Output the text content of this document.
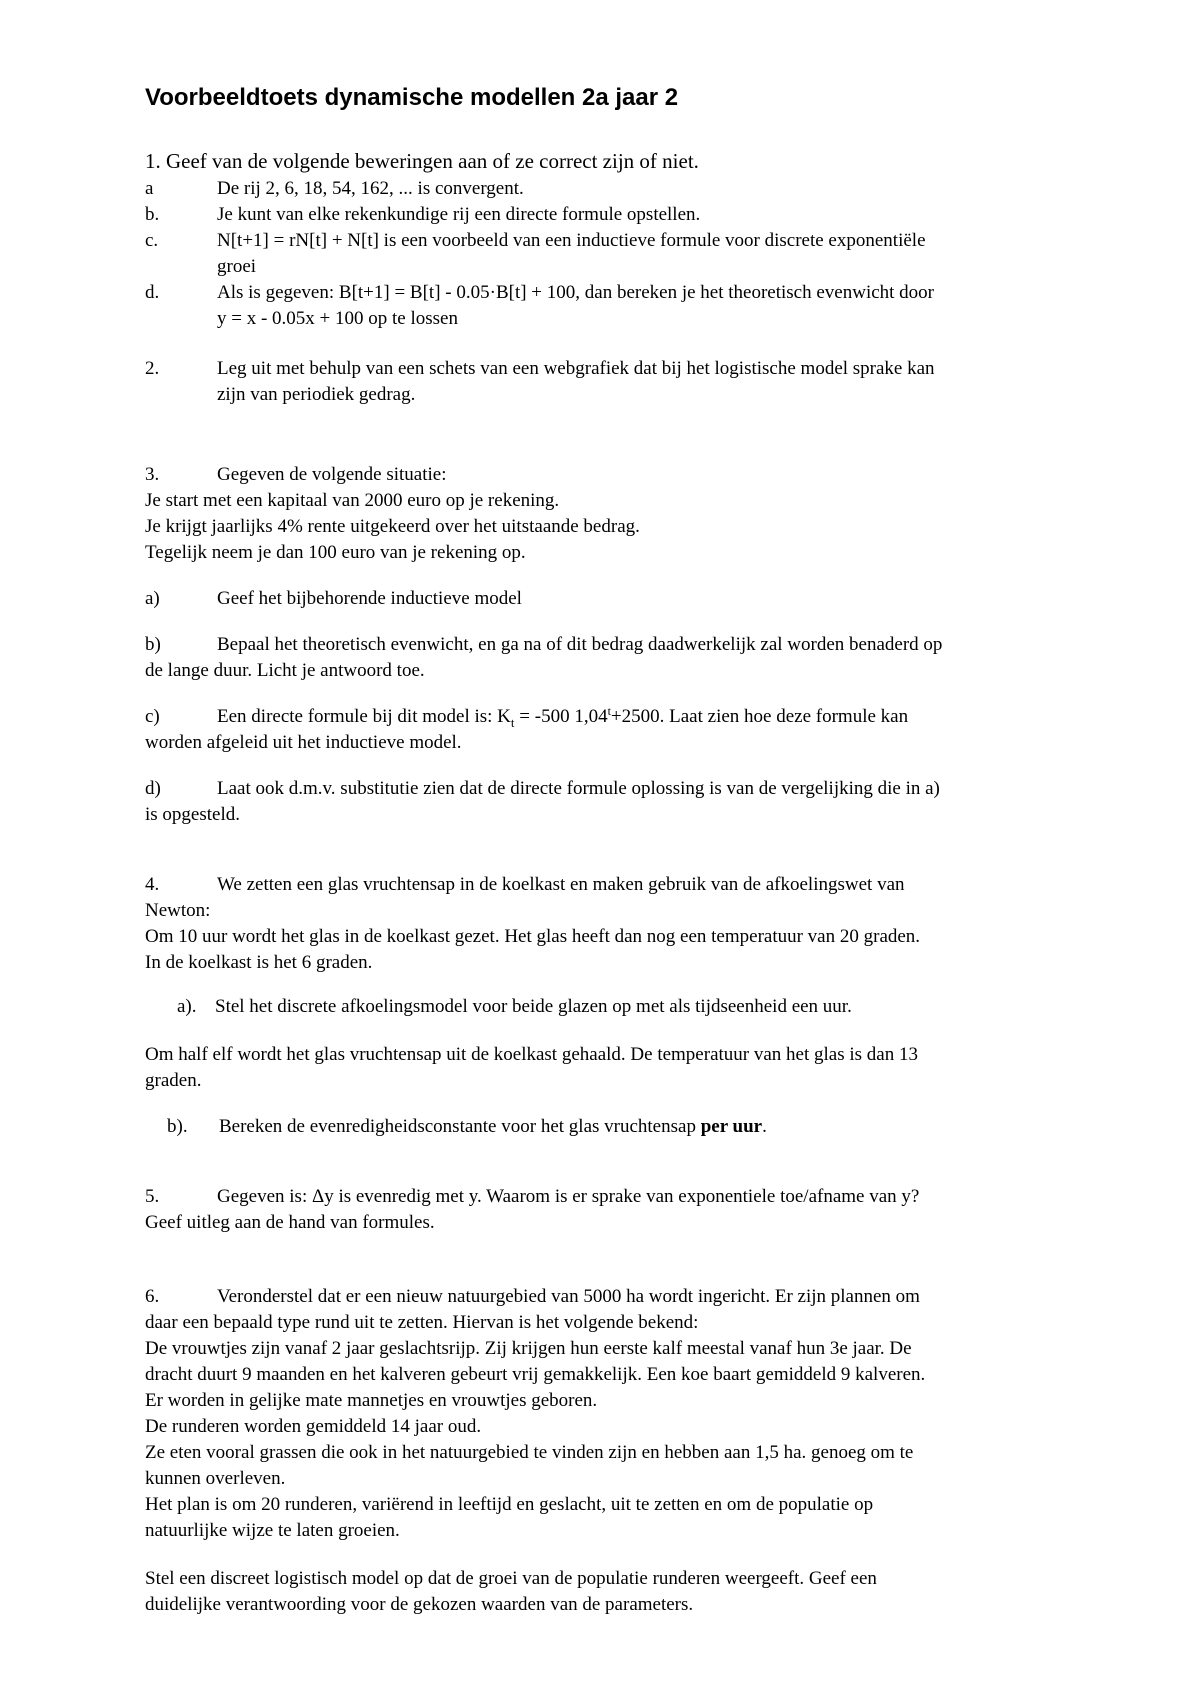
Voorbeeldtoets dynamische modellen 2a jaar 2
1. Geef van de volgende beweringen aan of ze correct zijn of niet.
a	De rij 2, 6, 18, 54, 162, ... is convergent.
b.	Je kunt van elke rekenkundige rij een directe formule opstellen.
c.	N[t+1] = rN[t] + N[t] is een voorbeeld van een inductieve formule voor discrete exponentiële
groei
d.	Als is gegeven: B[t+1] = B[t] - 0.05·B[t] + 100, dan bereken je het theoretisch evenwicht door
y = x - 0.05x + 100 op te lossen
2.	Leg uit met behulp van een schets van een webgrafiek dat bij het logistische model sprake kan
zijn van periodiek gedrag.
3.	Gegeven de volgende situatie:
Je start met een kapitaal van 2000 euro op je rekening.
Je krijgt jaarlijks 4% rente uitgekeerd over het uitstaande bedrag.
Tegelijk neem je dan 100 euro van je rekening op.
a)	Geef het bijbehorende inductieve model
b)	Bepaal het theoretisch evenwicht, en ga na of dit bedrag daadwerkelijk zal worden benaderd op
de lange duur. Licht je antwoord toe.
c)	Een directe formule bij dit model is: $K_t = -500$ $1,04^t+2500$. Laat zien hoe deze formule kan
worden afgeleid uit het inductieve model.
d)	Laat ook d.m.v. substitutie zien dat de directe formule oplossing is van de vergelijking die in a)
is opgesteld.
4.	We zetten een glas vruchtensap in de koelkast en maken gebruik van de afkoelingswet van
Newton:
Om 10 uur wordt het glas in de koelkast gezet. Het glas heeft dan nog een temperatuur van 20 graden.
In de koelkast is het 6 graden.
a). Stel het discrete afkoelingsmodel voor beide glazen op met als tijdseenheid een uur.
Om half elf wordt het glas vruchtensap uit de koelkast gehaald. De temperatuur van het glas is dan 13
graden.
b). Bereken de evenredigheidsconstante voor het glas vruchtensap per uur.
5.	Gegeven is: Δy is evenredig met y. Waarom is er sprake van exponentiele toe/afname van y?
Geef uitleg aan de hand van formules.
6.	Veronderstel dat er een nieuw natuurgebied van 5000 ha wordt ingericht. Er zijn plannen om
daar een bepaald type rund uit te zetten. Hiervan is het volgende bekend:
De vrouwtjes zijn vanaf 2 jaar geslachtsrijp. Zij krijgen hun eerste kalf meestal vanaf hun 3e jaar. De
dracht duurt 9 maanden en het kalveren gebeurt vrij gemakkelijk. Een koe baart gemiddeld 9 kalveren.
Er worden in gelijke mate mannetjes en vrouwtjes geboren.
De runderen worden gemiddeld 14 jaar oud.
Ze eten vooral grassen die ook in het natuurgebied te vinden zijn en hebben aan 1,5 ha. genoeg om te
kunnen overleven.
Het plan is om 20 runderen, variërend in leeftijd en geslacht, uit te zetten en om de populatie op
natuurlijke wijze te laten groeien.
Stel een discreet logistisch model op dat de groei van de populatie runderen weergeeft. Geef een
duidelijke verantwoording voor de gekozen waarden van de parameters.
